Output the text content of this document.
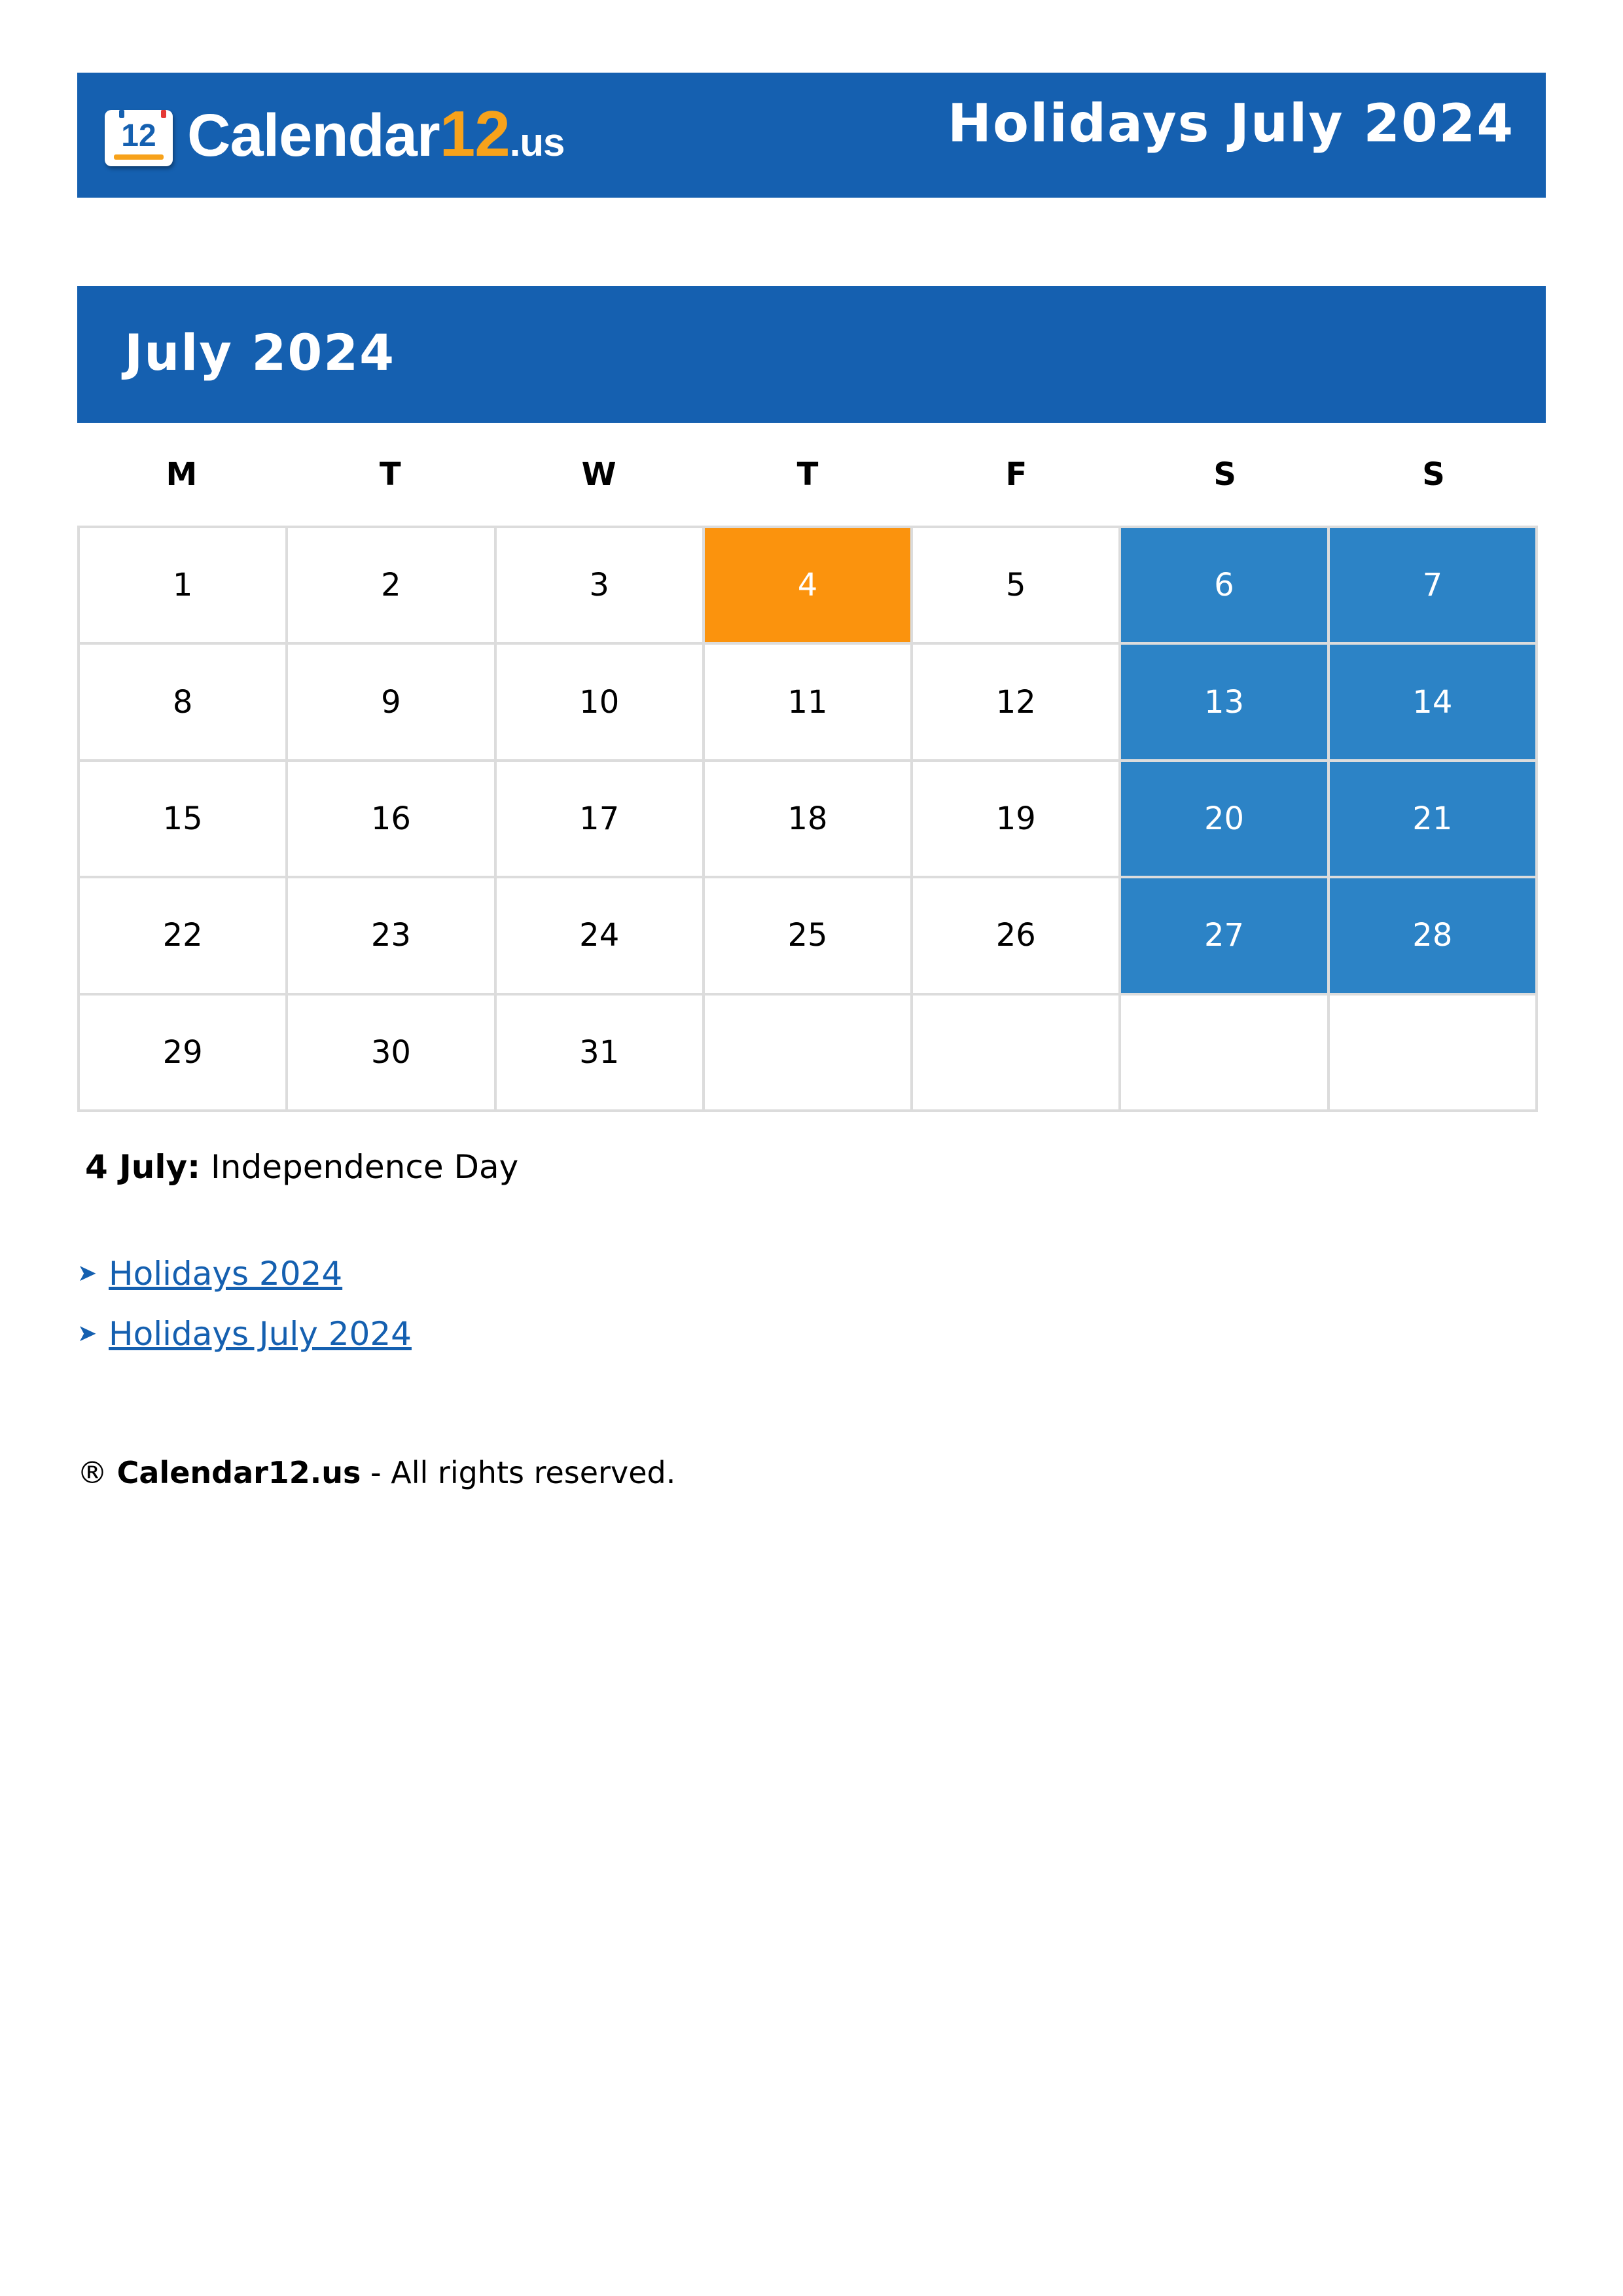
12 Calendar12.us	Holidays July 2024
July 2024
M	T	W	T	F	S	S
1	2	3	4	5	6	7
8	9	10	11	12	13	14
15	16	17	18	19	20	21
22	23	24	25	26	27	28
29	30	31
4 July: Independence Day
➤ Holidays 2024
➤ Holidays July 2024
® Calendar12.us - All rights reserved.
